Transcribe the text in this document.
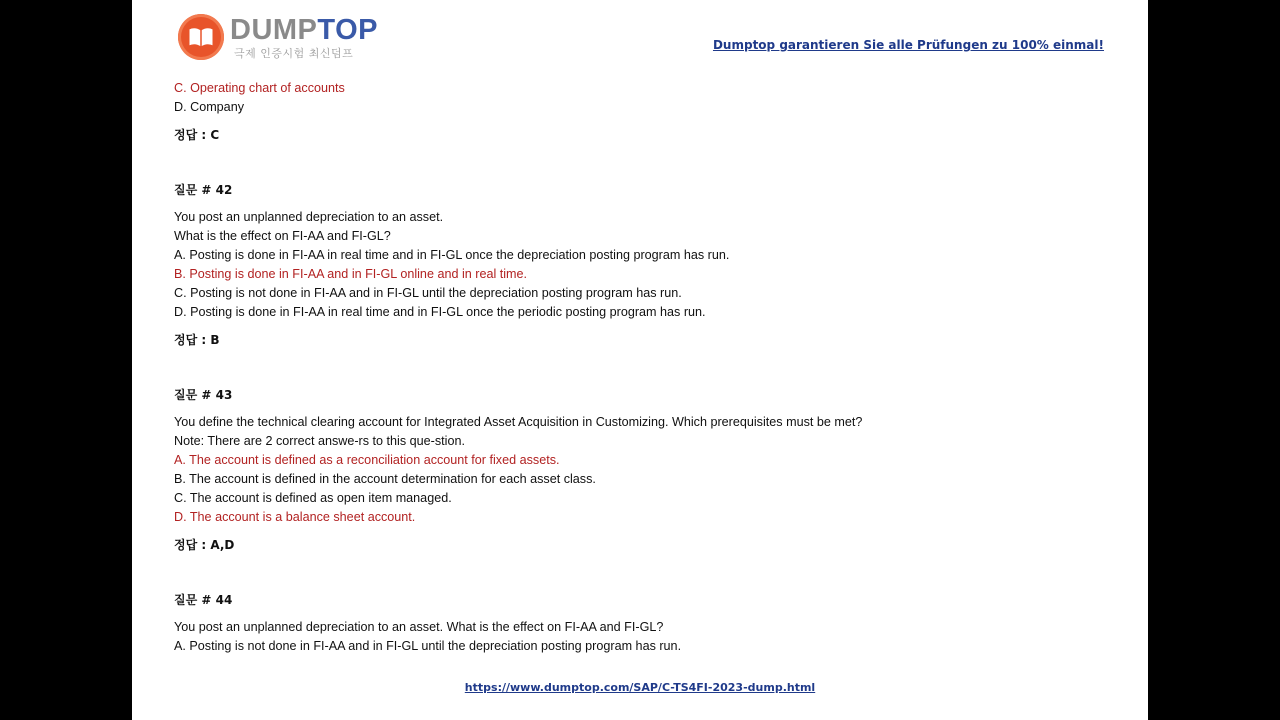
DUMPTOP
극제 인증시험 최신덤프
Dumptop garantieren Sie alle Prüfungen zu 100% einmal!
C. Operating chart of accounts
D. Company
정답 : C
질문 # 42
You post an unplanned depreciation to an asset.
What is the effect on FI-AA and FI-GL?
A. Posting is done in FI-AA in real time and in FI-GL once the depreciation posting program has run.
B. Posting is done in FI-AA and in FI-GL online and in real time.
C. Posting is not done in FI-AA and in FI-GL until the depreciation posting program has run.
D. Posting is done in FI-AA in real time and in FI-GL once the periodic posting program has run.
정답 : B
질문 # 43
You define the technical clearing account for Integrated Asset Acquisition in Customizing. Which prerequisites must be met?
Note: There are 2 correct answe-rs to this que-stion.
A. The account is defined as a reconciliation account for fixed assets.
B. The account is defined in the account determination for each asset class.
C. The account is defined as open item managed.
D. The account is a balance sheet account.
정답 : A,D
질문 # 44
You post an unplanned depreciation to an asset. What is the effect on FI-AA and FI-GL?
A. Posting is not done in FI-AA and in FI-GL until the depreciation posting program has run.
https://www.dumptop.com/SAP/C-TS4FI-2023-dump.html
